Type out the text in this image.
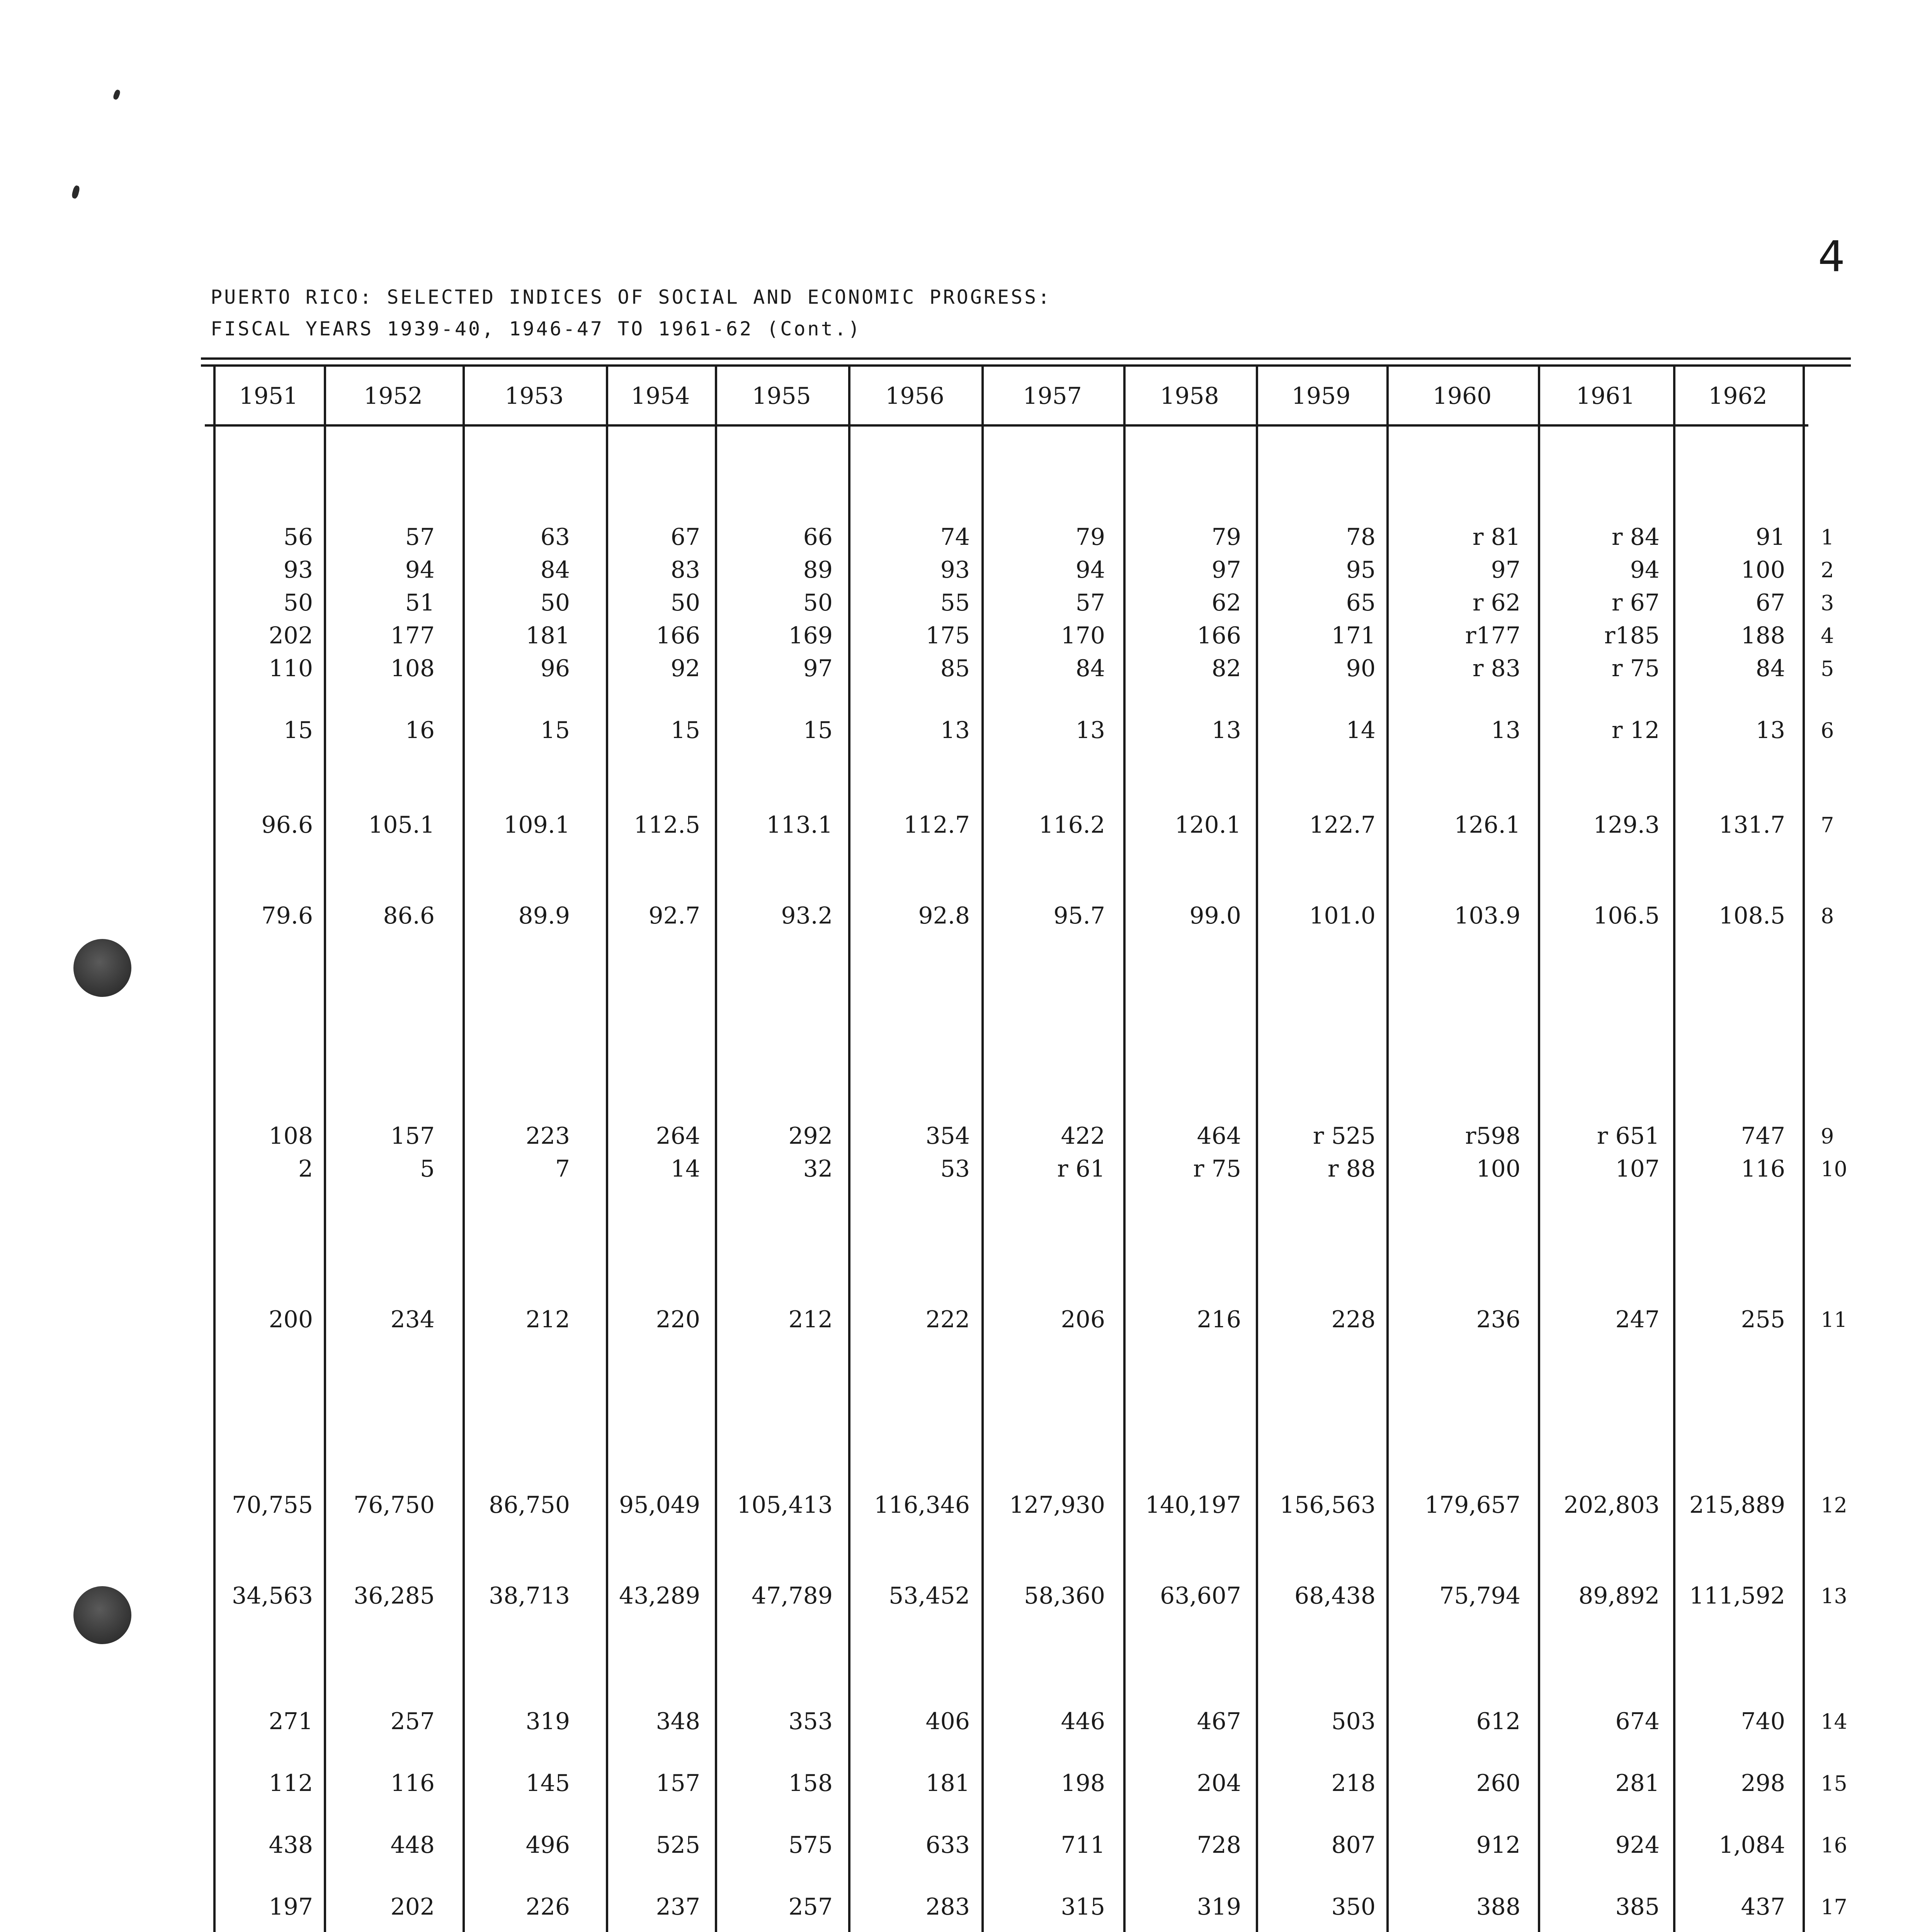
4
PUERTO RICO: SELECTED INDICES OF SOCIAL AND ECONOMIC PROGRESS:
FISCAL YEARS 1939-40, 1946-47 TO 1961-62 (Cont.)
1951	1952	1953	1954	1955	1956	1957	1958	1959	1960	1961	1962
56	57	63	67	66	74	79	79	78	r 81	r 84	91 1
93	94	84	83	89	93	94	97	95	97	94	100 2
50	51	50	50	50	55	57	62	65	r 62	r 67	67 3
202	177	181	166	169	175	170	166	171	r177	r185	188 4
110	108	96	92	97	85	84	82	90	r 83	r 75	84 5
15	16	15	15	15	13	13	13	14	13	r 12	13 6
96.6	105.1	109.1	112.5	113.1	112.7	116.2	120.1	122.7	126.1	129.3	131.7 7
79.6	86.6	89.9	92.7	93.2	92.8	95.7	99.0	101.0	103.9	106.5	108.5 8
108	157	223	264	292	354	422	464	r 525	r598	r 651	747 9
2	5	7	14	32	53	r 61	r 75	r 88	100	107	116 10
200	234	212	220	212	222	206	216	228	236	247	255 11
70,755	76,750	86,750	95,049	105,413	116,346	127,930	140,197	156,563	179,657	202,803	215,889 12
34,563	36,285	38,713	43,289	47,789	53,452	58,360	63,607	68,438	75,794	89,892	111,592 13
271	257	319	348	353	406	446	467	503	612	674	740 14
112	116	145	157	158	181	198	204	218	260	281	298 15
438	448	496	525	575	633	711	728	807	912	924	1,084 16
197	202	226	237	257	283	315	319	350	388	385	437 17
